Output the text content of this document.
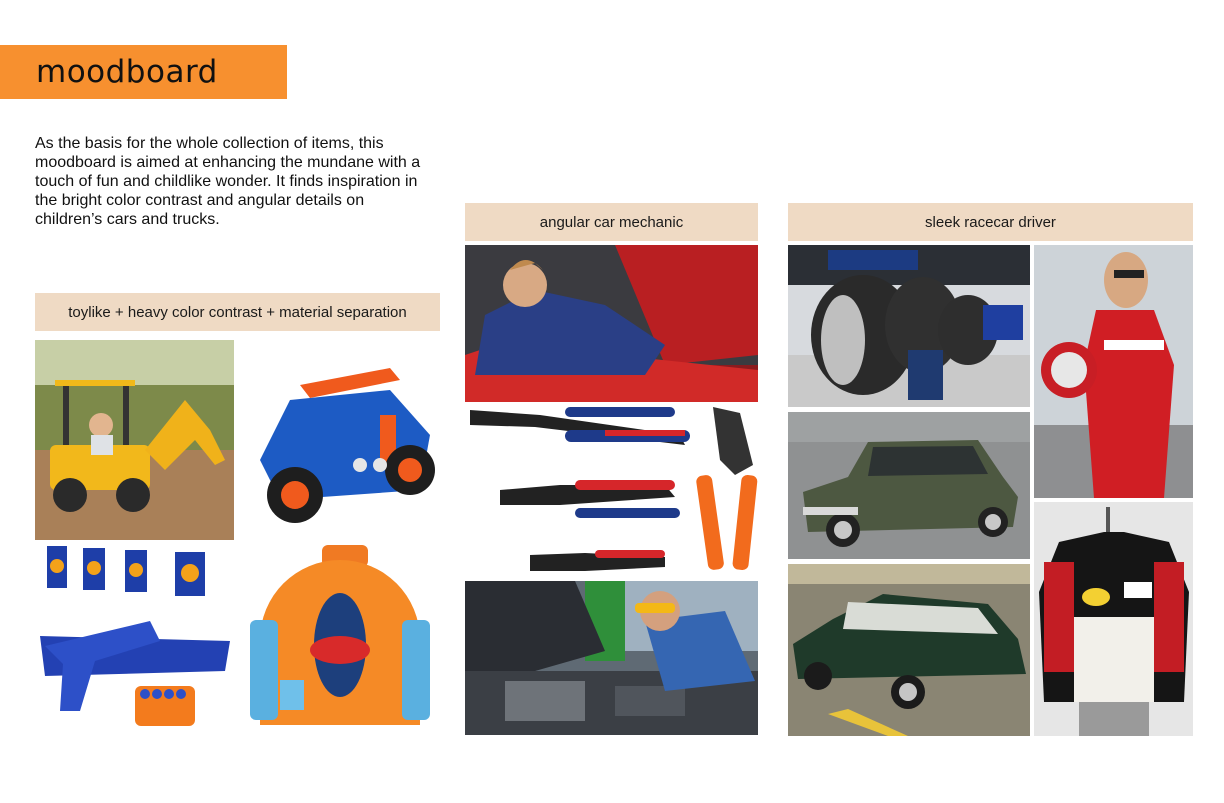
moodboard
As the basis for the whole collection of items, this moodboard is aimed at enhancing the mundane with a touch of fun and childlike wonder. It finds inspiration in the bright color contrast and angular details on children’s cars and trucks.
toylike + heavy color contrast + material separation
angular car mechanic	sleek racecar driver
